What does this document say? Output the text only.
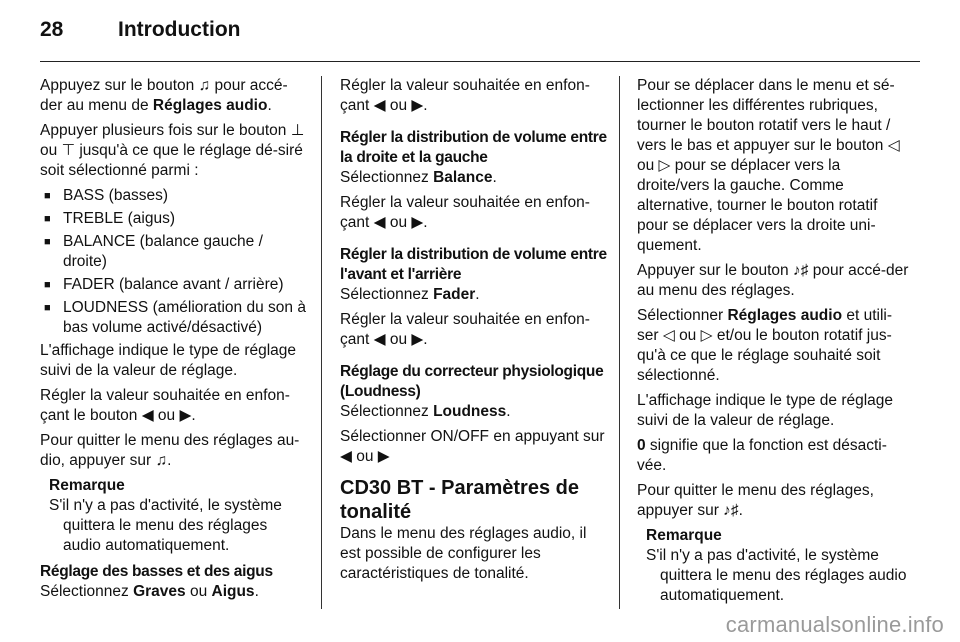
28	Introduction

Appuyez sur le bouton ♫ pour accé-der au menu de Réglages audio.

Appuyer plusieurs fois sur le bouton ⊥ ou ⊤ jusqu'à ce que le réglage dé-siré soit sélectionné parmi :

■ BASS (basses)
■ TREBLE (aigus)
■ BALANCE (balance gauche / droite)
■ FADER (balance avant / arrière)
■ LOUDNESS (amélioration du son à bas volume activé/désactivé)

L'affichage indique le type de réglage suivi de la valeur de réglage.

Régler la valeur souhaitée en enfon-çant le bouton ◀ ou ▶.

Pour quitter le menu des réglages au-dio, appuyer sur ♫.

Remarque
S'il n'y a pas d'activité, le système quittera le menu des réglages audio automatiquement.

Réglage des basses et des aigus

Sélectionnez Graves ou Aigus.

Régler la valeur souhaitée en enfon-çant ◀ ou ▶.

Régler la distribution de volume entre la droite et la gauche

Sélectionnez Balance.

Régler la valeur souhaitée en enfon-çant ◀ ou ▶.

Régler la distribution de volume entre l'avant et l'arrière

Sélectionnez Fader.

Régler la valeur souhaitée en enfon-çant ◀ ou ▶.

Réglage du correcteur physiologique (Loudness)

Sélectionnez Loudness.

Sélectionner ON/OFF en appuyant sur ◀ ou ▶

CD30 BT - Paramètres de tonalité

Dans le menu des réglages audio, il est possible de configurer les caractéristiques de tonalité.

Pour se déplacer dans le menu et sé-lectionner les différentes rubriques, tourner le bouton rotatif vers le haut / vers le bas et appuyer sur le bouton ◁ ou ▷ pour se déplacer vers la droite/vers la gauche. Comme alternative, tourner le bouton rotatif pour se déplacer vers la droite uni-quement.

Appuyer sur le bouton ♪♯ pour accé-der au menu des réglages.

Sélectionner Réglages audio et utili-ser ◁ ou ▷ et/ou le bouton rotatif jus-qu'à ce que le réglage souhaité soit sélectionné.

L'affichage indique le type de réglage suivi de la valeur de réglage.

0 signifie que la fonction est désacti-vée.

Pour quitter le menu des réglages, appuyer sur ♪♯.

Remarque
S'il n'y a pas d'activité, le système quittera le menu des réglages audio automatiquement.
carmanualsonline.info
